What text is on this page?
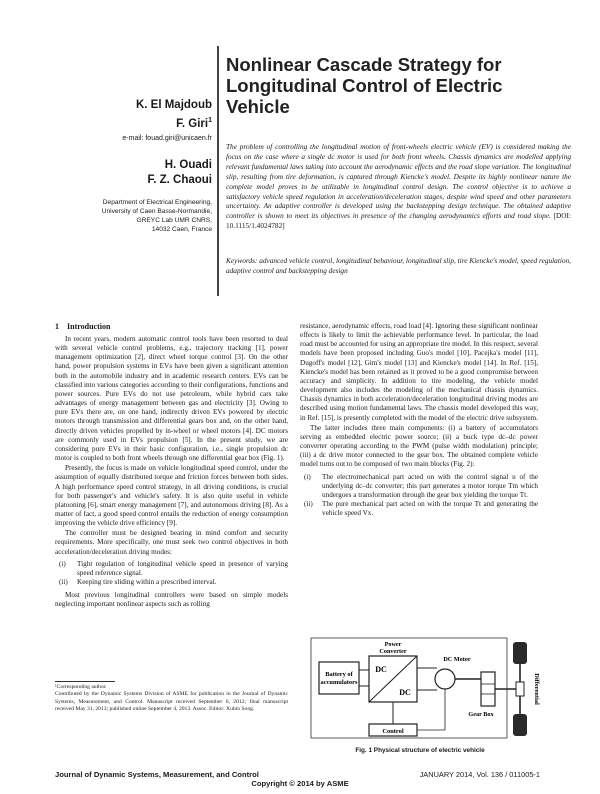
K. El Majdoub
F. Giri$^1$
e-mail: fouad.giri@unicaen.fr
H. Ouadi
F. Z. Chaoui
Department of Electrical Engineering,
University of Caen Basse-Normandie,
GREYC Lab UMR CNRS,
14032 Caen, France
Nonlinear Cascade Strategy for Longitudinal Control of Electric Vehicle
The problem of controlling the longitudinal motion of front-wheels electric vehicle (EV) is considered making the focus on the case where a single dc motor is used for both front wheels. Chassis dynamics are modelled applying relevant fundamental laws taking into account the aerodynamic effects and the road slope variation. The longitudinal slip, resulting from tire deformation, is captured through Kiencke's model. Despite its highly nonlinear nature the complete model proves to be utilizable in longitudinal control design. The control objective is to achieve a satisfactory vehicle speed regulation in acceleration/deceleration stages, despite wind speed and other parameters uncertainty. An adaptive controller is developed using the backstepping design technique. The obtained adaptive controller is shown to meet its objectives in presence of the changing aerodynamics efforts and road slope. [DOI: 10.1115/1.4024782]
Keywords: advanced vehicle control, longitudinal behaviour, longitudinal slip, tire Kiencke's model, speed regulation, adaptive control and backstepping design
1 Introduction

In recent years, modern automatic control tools have been resorted to deal with several vehicle control problems, e.g., trajectory tracking [1], power management optimization [2], direct wheel torque control [3]. On the other hand, power propulsion systems in EVs have been given a significant attention both in the automobile industry and in academic research centers. EVs can be classified into various categories according to their configurations, functions and power sources. Pure EVs do not use petroleum, while hybrid cars take advantages of energy management between gas and electricity [3]. Owing to pure EVs there are, on one hand, indirectly driven EVs powered by electric motors through transmission and differential gears box and, on the other hand, directly driven vehicles propelled by in-wheel or wheel motors [4]. DC motors are commonly used in EVs propulsion [5]. In the present study, we are considering pure EVs in their basic configuration, i.e., single propulsion dc motor is coupled to both front wheels through one differential gear box (Fig. 1).

Presently, the focus is made on vehicle longitudinal speed control, under the assumption of equally distributed torque and friction forces between both sides. A high performance speed control strategy, in all driving conditions, is crucial for both passenger's and vehicle's safety. It is also quite useful in vehicle platooning [6], smart energy management [7], and autonomous driving [8]. As a matter of fact, a good speed control entails the reduction of energy consumption improving the vehicle drive efficiency [9].

The controller must be designed bearing in mind comfort and security requirements. More specifically, one must seek two control objectives in both acceleration/deceleration driving modes:

(i)	Tight regulation of longitudinal vehicle speed in presence of varying speed reference signal.
(ii)	Keeping tire sliding within a prescribed interval.

Most previous longitudinal controllers were based on simple models neglecting important nonlinear aspects such as rolling

¹Corresponding author.
Contributed by the Dynamic Systems Division of ASME for publication in the Journal of Dynamic Systems, Measurement, and Control. Manuscript received September 6, 2012; final manuscript received May 31, 2013; published online September 4, 2013. Assoc. Editor: Xubin Song.

resistance, aerodynamic effects, road load [4]. Ignoring these significant nonlinear effects is likely to limit the achievable performance level. In particular, the load road must be accounted for using an appropriate tire model. In this respect, several models have been proposed including Guo's model [10], Pacejka's model [11], Dugoff's model [12], Gim's model [13] and Kiencke's model [14]. In Ref. [15], Kiencke's model has been retained as it proved to be a good compromise between accuracy and simplicity. In addition to tire modeling, the vehicle model development also includes the modeling of the mechanical chassis dynamics. Chassis dynamics in both acceleration/deceleration longitudinal driving modes are described using motion fundamental laws. The chassis model developed this way, in Ref. [15], is presently completed with the model of the electric drive subsystem.

The latter includes three main components: (i) a battery of accumulators serving as embedded electric power source; (ii) a buck type dc–dc power converter operating according to the PWM (pulse width modulation) principle; (iii) a dc drive motor connected to the gear box. The obtained complete vehicle model turns out to be composed of two main blocks (Fig. 2):

(i)	The electromechanical part acted on with the control signal u of the underlying dc–dc converter; this part generates a motor torque Tm which undergoes a transformation through the gear box yielding the torque Tt.
(ii)	The pure mechanical part acted on with the torque Tt and generating the vehicle speed Vx.
Battery of
accumulators
Power
Converter
DC
DC
DC Motor
Gear Box
Differential
Control
Fig. 1 Physical structure of electric vehicle
Journal of Dynamic Systems, Measurement, and Control	JANUARY 2014, Vol. 136 / 011005-1
Copyright © 2014 by ASME
